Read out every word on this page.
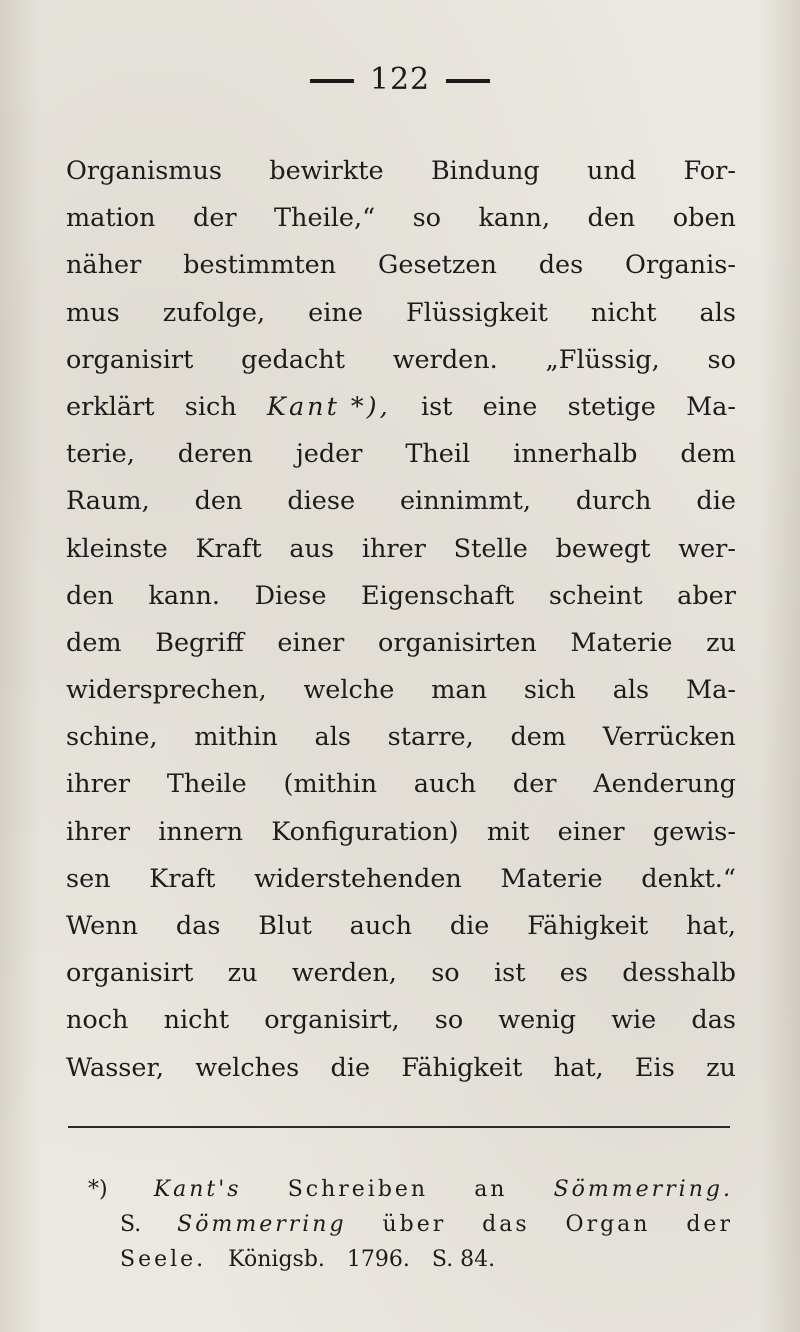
122
Organismus bewirkte Bindung und For-
mation der Theile,“ so kann, den oben
näher bestimmten Gesetzen des Organis-
mus zufolge, eine Flüssigkeit nicht als
organisirt gedacht werden. „Flüssig, so
erklärt sich Kant *), ist eine stetige Ma-
terie, deren jeder Theil innerhalb dem
Raum, den diese einnimmt, durch die
kleinste Kraft aus ihrer Stelle bewegt wer-
den kann. Diese Eigenschaft scheint aber
dem Begriff einer organisirten Materie zu
widersprechen, welche man sich als Ma-
schine, mithin als starre, dem Verrücken
ihrer Theile (mithin auch der Aenderung
ihrer innern Konfiguration) mit einer gewis-
sen Kraft widerstehenden Materie denkt.“
Wenn das Blut auch die Fähigkeit hat,
organisirt zu werden, so ist es desshalb
noch nicht organisirt, so wenig wie das
Wasser, welches die Fähigkeit hat, Eis zu
*) Kant's Schreiben an Sömmerring.
S. Sömmerring über das Organ der
Seele. Königsb. 1796. S. 84.
